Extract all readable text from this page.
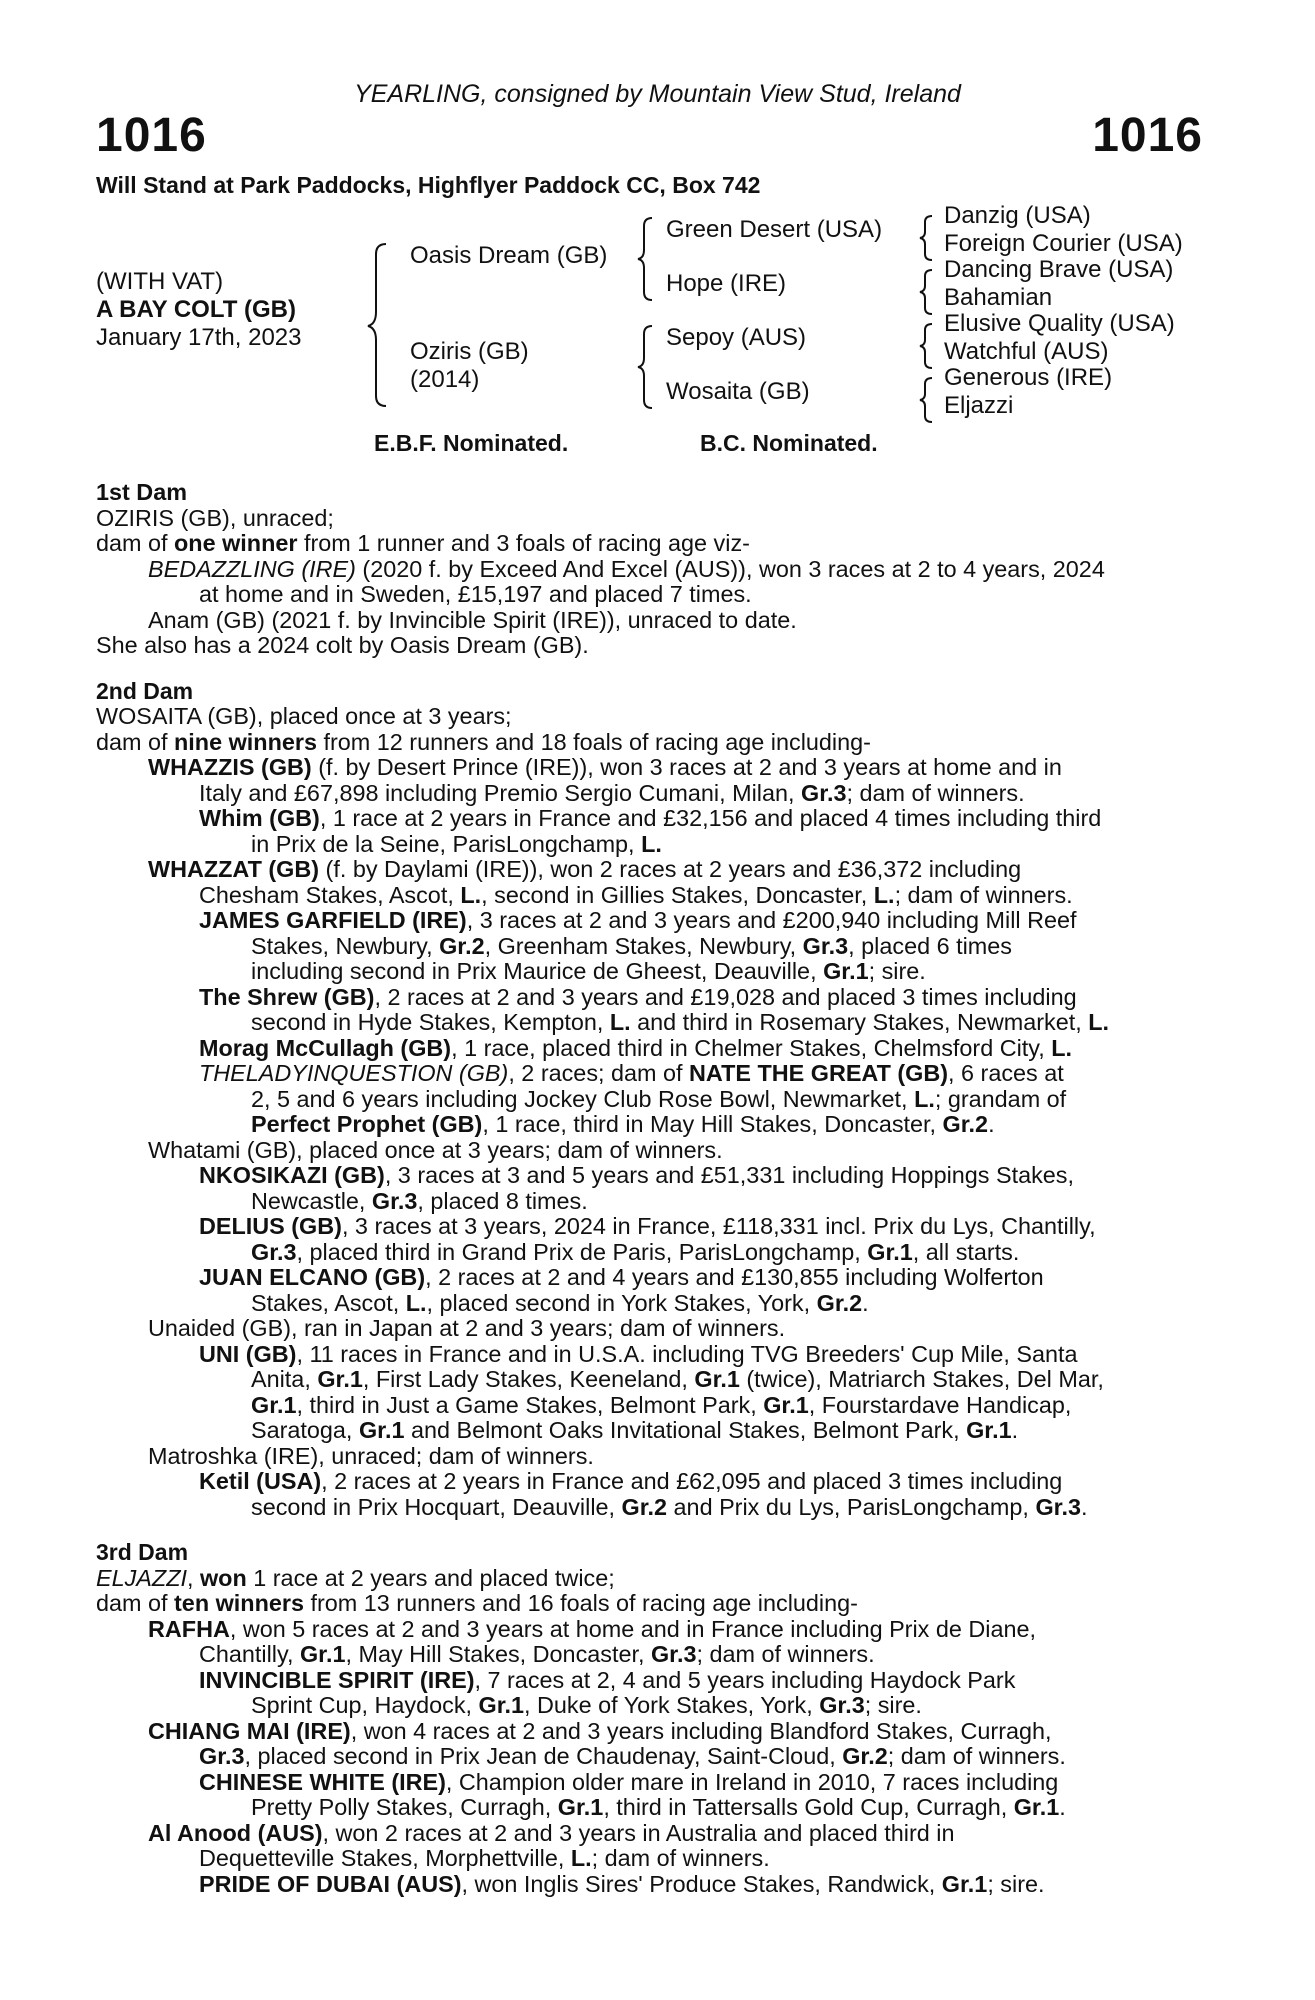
YEARLING, consigned by Mountain View Stud, Ireland
1016	1016
Will Stand at Park Paddocks, Highflyer Paddock CC, Box 742
(WITH VAT)
A BAY COLT (GB)
January 17th, 2023
Oasis Dream (GB)
Oziris (GB)
(2014)
Green Desert (USA)
Hope (IRE)
Sepoy (AUS)
Wosaita (GB)
Danzig (USA)
Foreign Courier (USA)
Dancing Brave (USA)
Bahamian
Elusive Quality (USA)
Watchful (AUS)
Generous (IRE)
Eljazzi
E.B.F. Nominated.	B.C. Nominated.
1st Dam
OZIRIS (GB), unraced;
dam of one winner from 1 runner and 3 foals of racing age viz-
BEDAZZLING (IRE) (2020 f. by Exceed And Excel (AUS)), won 3 races at 2 to 4 years, 2024
at home and in Sweden, £15,197 and placed 7 times.
Anam (GB) (2021 f. by Invincible Spirit (IRE)), unraced to date.
She also has a 2024 colt by Oasis Dream (GB).
2nd Dam
WOSAITA (GB), placed once at 3 years;
dam of nine winners from 12 runners and 18 foals of racing age including-
WHAZZIS (GB) (f. by Desert Prince (IRE)), won 3 races at 2 and 3 years at home and in
Italy and £67,898 including Premio Sergio Cumani, Milan, Gr.3; dam of winners.
Whim (GB), 1 race at 2 years in France and £32,156 and placed 4 times including third
in Prix de la Seine, ParisLongchamp, L.
WHAZZAT (GB) (f. by Daylami (IRE)), won 2 races at 2 years and £36,372 including
Chesham Stakes, Ascot, L., second in Gillies Stakes, Doncaster, L.; dam of winners.
JAMES GARFIELD (IRE), 3 races at 2 and 3 years and £200,940 including Mill Reef
Stakes, Newbury, Gr.2, Greenham Stakes, Newbury, Gr.3, placed 6 times
including second in Prix Maurice de Gheest, Deauville, Gr.1; sire.
The Shrew (GB), 2 races at 2 and 3 years and £19,028 and placed 3 times including
second in Hyde Stakes, Kempton, L. and third in Rosemary Stakes, Newmarket, L.
Morag McCullagh (GB), 1 race, placed third in Chelmer Stakes, Chelmsford City, L.
THELADYINQUESTION (GB), 2 races; dam of NATE THE GREAT (GB), 6 races at
2, 5 and 6 years including Jockey Club Rose Bowl, Newmarket, L.; grandam of
Perfect Prophet (GB), 1 race, third in May Hill Stakes, Doncaster, Gr.2.
Whatami (GB), placed once at 3 years; dam of winners.
NKOSIKAZI (GB), 3 races at 3 and 5 years and £51,331 including Hoppings Stakes,
Newcastle, Gr.3, placed 8 times.
DELIUS (GB), 3 races at 3 years, 2024 in France, £118,331 incl. Prix du Lys, Chantilly,
Gr.3, placed third in Grand Prix de Paris, ParisLongchamp, Gr.1, all starts.
JUAN ELCANO (GB), 2 races at 2 and 4 years and £130,855 including Wolferton
Stakes, Ascot, L., placed second in York Stakes, York, Gr.2.
Unaided (GB), ran in Japan at 2 and 3 years; dam of winners.
UNI (GB), 11 races in France and in U.S.A. including TVG Breeders' Cup Mile, Santa
Anita, Gr.1, First Lady Stakes, Keeneland, Gr.1 (twice), Matriarch Stakes, Del Mar,
Gr.1, third in Just a Game Stakes, Belmont Park, Gr.1, Fourstardave Handicap,
Saratoga, Gr.1 and Belmont Oaks Invitational Stakes, Belmont Park, Gr.1.
Matroshka (IRE), unraced; dam of winners.
Ketil (USA), 2 races at 2 years in France and £62,095 and placed 3 times including
second in Prix Hocquart, Deauville, Gr.2 and Prix du Lys, ParisLongchamp, Gr.3.
3rd Dam
ELJAZZI, won 1 race at 2 years and placed twice;
dam of ten winners from 13 runners and 16 foals of racing age including-
RAFHA, won 5 races at 2 and 3 years at home and in France including Prix de Diane,
Chantilly, Gr.1, May Hill Stakes, Doncaster, Gr.3; dam of winners.
INVINCIBLE SPIRIT (IRE), 7 races at 2, 4 and 5 years including Haydock Park
Sprint Cup, Haydock, Gr.1, Duke of York Stakes, York, Gr.3; sire.
CHIANG MAI (IRE), won 4 races at 2 and 3 years including Blandford Stakes, Curragh,
Gr.3, placed second in Prix Jean de Chaudenay, Saint-Cloud, Gr.2; dam of winners.
CHINESE WHITE (IRE), Champion older mare in Ireland in 2010, 7 races including
Pretty Polly Stakes, Curragh, Gr.1, third in Tattersalls Gold Cup, Curragh, Gr.1.
Al Anood (AUS), won 2 races at 2 and 3 years in Australia and placed third in
Dequetteville Stakes, Morphettville, L.; dam of winners.
PRIDE OF DUBAI (AUS), won Inglis Sires' Produce Stakes, Randwick, Gr.1; sire.
